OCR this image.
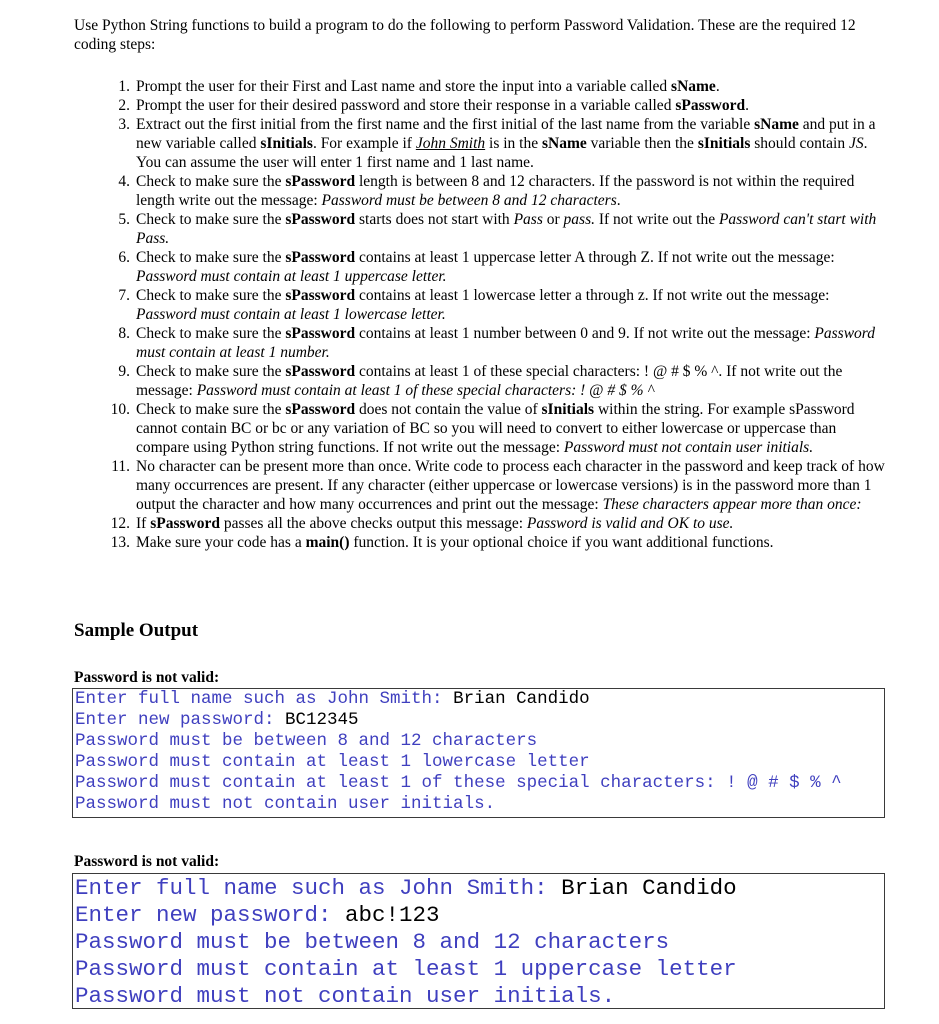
Use Python String functions to build a program to do the following to perform Password Validation. These are the required 12 coding steps:
1. Prompt the user for their First and Last name and store the input into a variable called sName.
2. Prompt the user for their desired password and store their response in a variable called sPassword.
3. Extract out the first initial from the first name and the first initial of the last name from the variable sName and put in a new variable called sInitials. For example if John Smith is in the sName variable then the sInitials should contain JS. You can assume the user will enter 1 first name and 1 last name.
4. Check to make sure the sPassword length is between 8 and 12 characters. If the password is not within the required length write out the message: Password must be between 8 and 12 characters.
5. Check to make sure the sPassword starts does not start with Pass or pass. If not write out the Password can't start with Pass.
6. Check to make sure the sPassword contains at least 1 uppercase letter A through Z. If not write out the message: Password must contain at least 1 uppercase letter.
7. Check to make sure the sPassword contains at least 1 lowercase letter a through z. If not write out the message: Password must contain at least 1 lowercase letter.
8. Check to make sure the sPassword contains at least 1 number between 0 and 9. If not write out the message: Password must contain at least 1 number.
9. Check to make sure the sPassword contains at least 1 of these special characters: ! @ # $ % ^. If not write out the message: Password must contain at least 1 of these special characters: ! @ # $ % ^
10. Check to make sure the sPassword does not contain the value of sInitials within the string. For example sPassword cannot contain BC or bc or any variation of BC so you will need to convert to either lowercase or uppercase than compare using Python string functions. If not write out the message: Password must not contain user initials.
11. No character can be present more than once. Write code to process each character in the password and keep track of how many occurrences are present. If any character (either uppercase or lowercase versions) is in the password more than 1 output the character and how many occurrences and print out the message: These characters appear more than once:
12. If sPassword passes all the above checks output this message: Password is valid and OK to use.
13. Make sure your code has a main() function. It is your optional choice if you want additional functions.
Sample Output
Password is not valid:
Enter full name such as John Smith: Brian Candido
Enter new password: BC12345
Password must be between 8 and 12 characters
Password must contain at least 1 lowercase letter
Password must contain at least 1 of these special characters: ! @ # $ % ^
Password must not contain user initials.
Password is not valid:
Enter full name such as John Smith: Brian Candido
Enter new password: abc!123
Password must be between 8 and 12 characters
Password must contain at least 1 uppercase letter
Password must not contain user initials.
